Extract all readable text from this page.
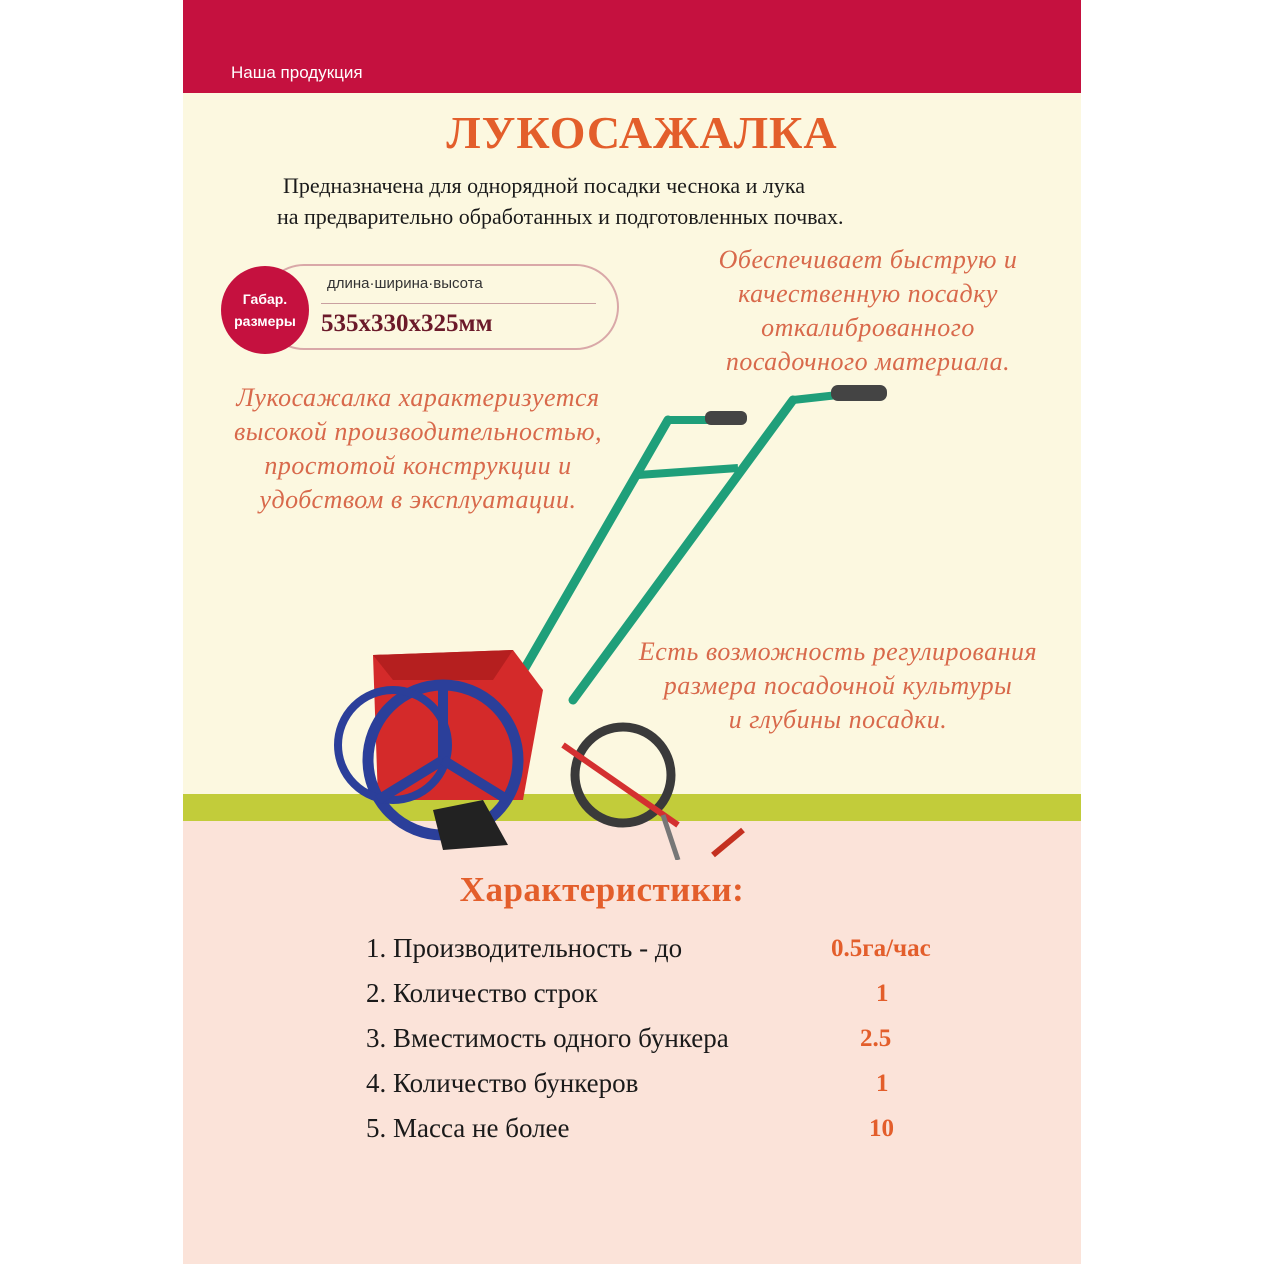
Наша продукция
ЛУКОСАЖАЛКА
Предназначена для однорядной посадки чеснока и лука
на предварительно обработанных и подготовленных почвах.
Габар.
размеры
длина·ширина·высота
535x330x325мм
Обеспечивает быструю и
качественную посадку
откалиброванного
посадочного материала.
Лукосажалка характеризуется
высокой производительностью,
простотой конструкции и
удобством в эксплуатации.
Есть возможность регулирования
размера посадочной культуры
и глубины посадки.
Характеристики:
1. Производительность - до	0.5га/час
2. Количество строк	1
3. Вместимость одного бункера	2.5
4. Количество бункеров	1
5. Масса не более	10
